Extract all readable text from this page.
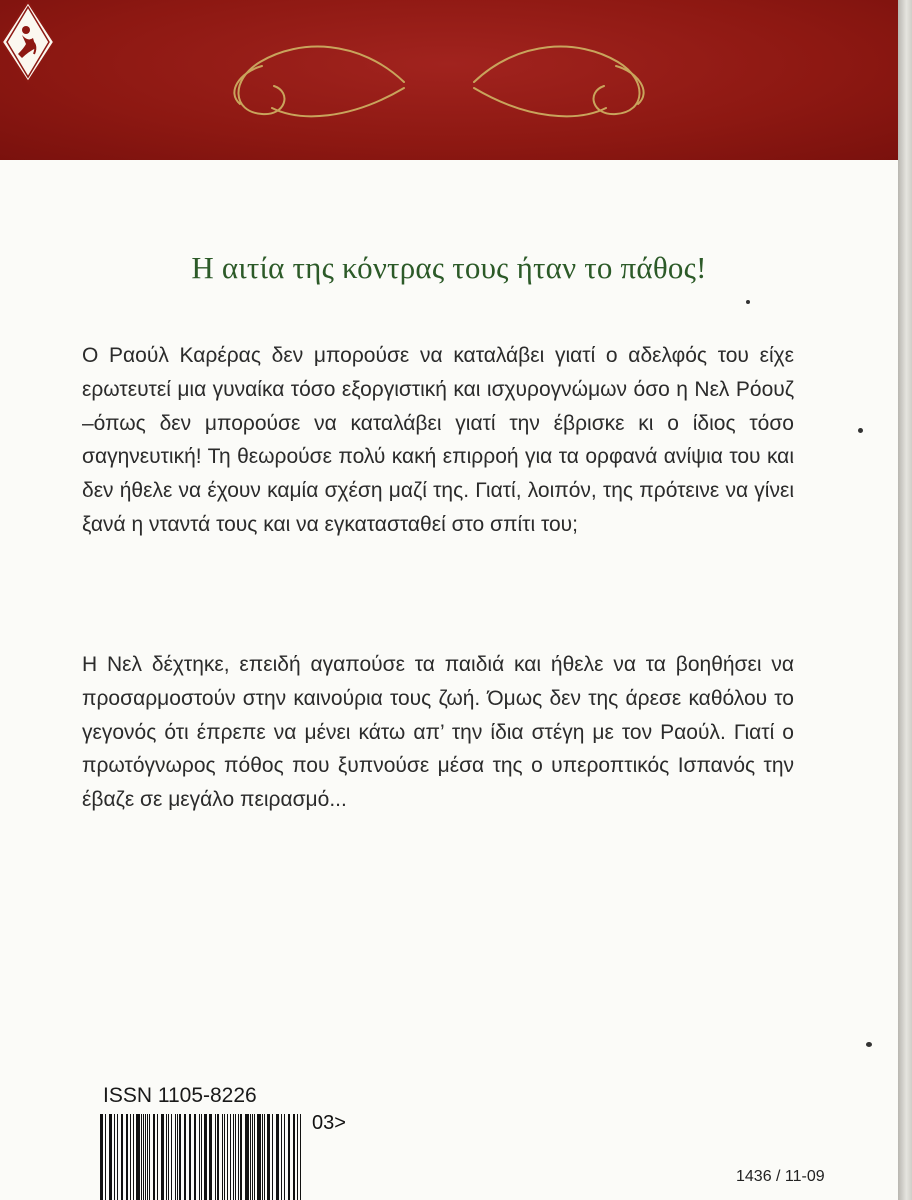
Η αιτία της κόντρας τους ήταν το πάθος!
Ο Ραούλ Καρέρας δεν μπορούσε να καταλάβει γιατί ο αδελφός του είχε ερωτευτεί μια γυναίκα τόσο εξοργιστική και ισχυρογνώμων όσο η Νελ Ρόουζ –όπως δεν μπορούσε να καταλάβει γιατί την έβρισκε κι ο ίδιος τόσο σαγηνευτική! Τη θεωρούσε πολύ κακή επιρροή για τα ορφανά ανίψια του και δεν ήθελε να έχουν καμία σχέση μαζί της. Γιατί, λοιπόν, της πρότεινε να γίνει ξανά η νταντά τους και να εγκατασταθεί στο σπίτι του;
Η Νελ δέχτηκε, επειδή αγαπούσε τα παιδιά και ήθελε να τα βοηθήσει να προσαρμοστούν στην καινούρια τους ζωή. Όμως δεν της άρεσε καθόλου το γεγονός ότι έπρεπε να μένει κάτω απ’ την ίδια στέγη με τον Ραούλ. Γιατί ο πρωτόγνωρος πόθος που ξυπνούσε μέσα της ο υπεροπτικός Ισπανός την έβαζε σε μεγάλο πειρασμό...
ISSN 1105-8226
03>
1436 / 11-09
